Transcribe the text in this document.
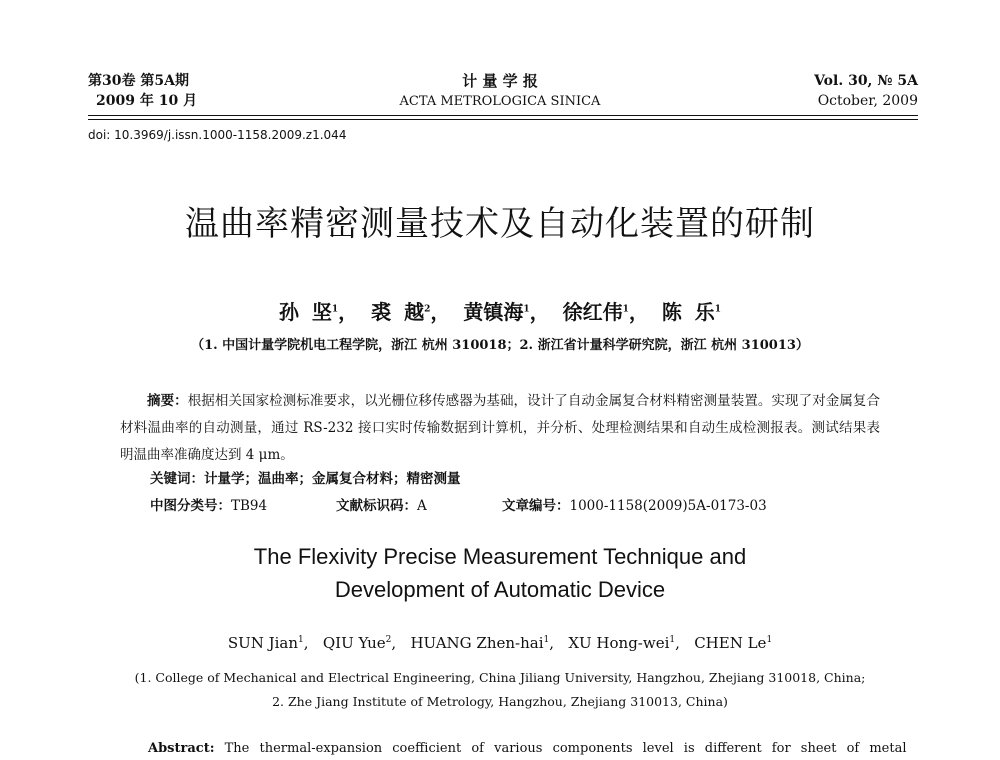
第30卷 第5A期
2009 年 10 月
计 量 学 报
ACTA METROLOGICA SINICA
Vol. 30, № 5A
October, 2009
doi: 10.3969/j.issn.1000-1158.2009.z1.044
温曲率精密测量技术及自动化装置的研制
孙 坚$^1$， 裘 越$^2$， 黄镇海$^1$， 徐红伟$^1$， 陈 乐$^1$
（1. 中国计量学院机电工程学院，浙江 杭州 310018；2. 浙江省计量科学研究院，浙江 杭州 310013）
摘要：根据相关国家检测标准要求，以光栅位移传感器为基础，设计了自动金属复合材料精密测量装置。实现了对金属复合材料温曲率的自动测量，通过 RS-232 接口实时传输数据到计算机，并分析、处理检测结果和自动生成检测报表。测试结果表明温曲率准确度达到 4 μm。
关键词：计量学；温曲率；金属复合材料；精密测量
中图分类号：TB94	文献标识码：A	文章编号：1000-1158(2009)5A-0173-03
The Flexivity Precise Measurement Technique and
Development of Automatic Device
SUN Jian$^1$,   QIU Yue$^2$,   HUANG Zhen-hai$^1$,   XU Hong-wei$^1$,   CHEN Le$^1$
(1. College of Mechanical and Electrical Engineering, China Jiliang University, Hangzhou, Zhejiang 310018, China;
2. Zhe Jiang Institute of Metrology, Hangzhou, Zhejiang 310013, China)
Abstract: The thermal-expansion coefficient of various components level is different for sheet of metal
